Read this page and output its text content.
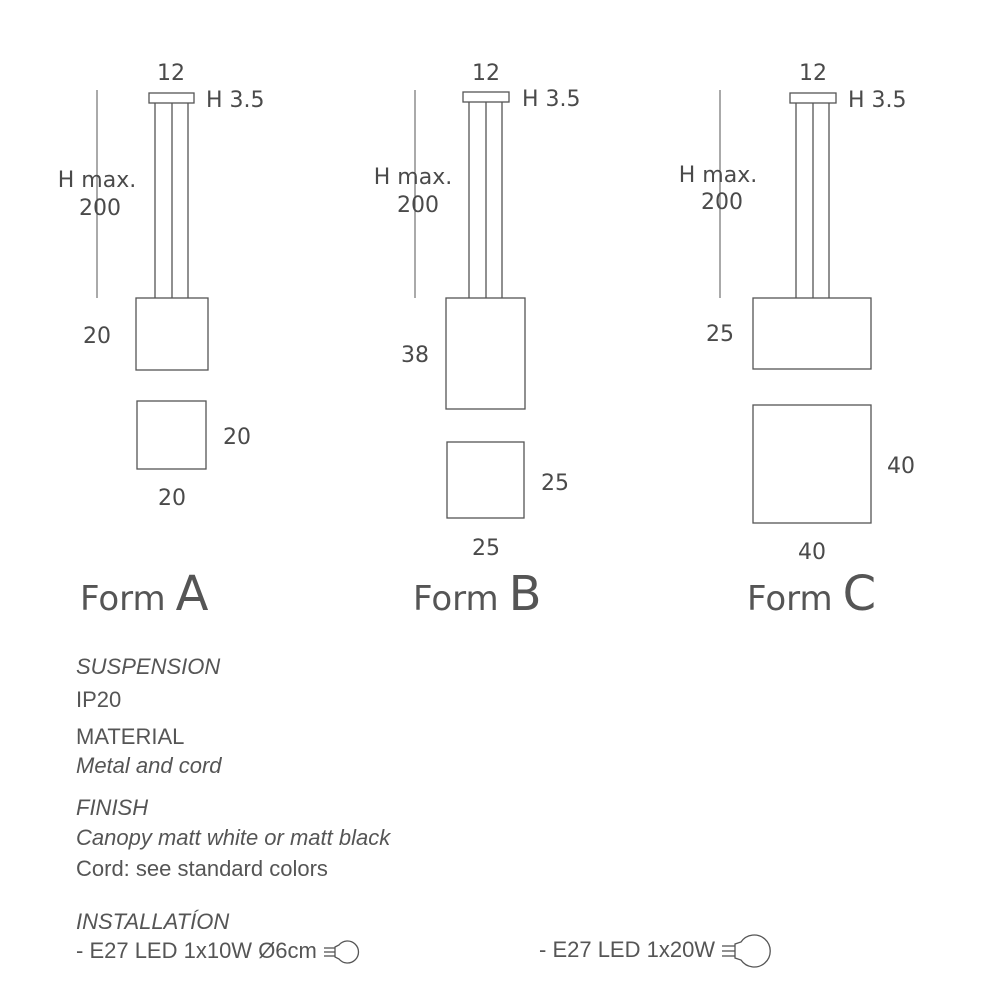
12
H 3.5
H max.
200
20
20
20
Form A
12
H 3.5
H max.
200
38
25
25
Form B
12
H 3.5
H max.
200
25
40
40
Form C
SUSPENSION
IP20
MATERIAL
Metal and cord
FINISH
Canopy matt white or matt black
Cord: see standard colors
INSTALLATÍON
- E27 LED 1x10W Ø6cm	- E27 LED 1x20W
